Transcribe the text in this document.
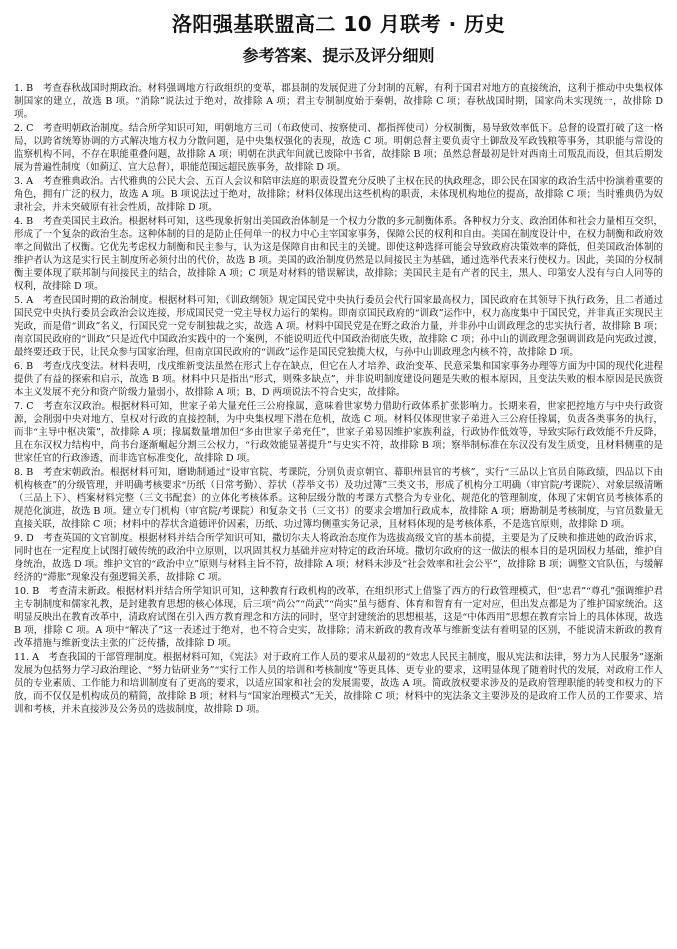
洛阳强基联盟高二 10 月联考 · 历史
参考答案、提示及评分细则
1. B　考查春秋战国时期政治。材料强调地方行政组织的变革，郡县制的发展促进了分封制的瓦解，有利于国君对地方的直接统治，这利于推动中央集权体制国家的建立，故选 B 项。“消除”说法过于绝对，故排除 A 项；君主专制制度始于秦朝，故排除 C 项；春秋战国时期，国家尚未实现统一，故排除 D 项。
2. C　考查明朝政治制度。结合所学知识可知，明朝地方三司（布政使司、按察使司、都指挥使司）分权制衡，易导致效率低下。总督的设置打破了这一格局，以跨省统筹协调的方式解决地方权力分散问题，是中央集权强化的表现，故选 C 项。明朝总督主要负责守土御敌及军政钱粮等事务，其职能与常设的监察机构不同，不存在职能重叠问题，故排除 A 项；明朝在洪武年间就已废除中书省，故排除 B 项；虽然总督最初是针对西南土司叛乱而设，但其后期发展为普遍性制度（如蓟辽、宣大总督），职能范围远超民族事务，故排除 D 项。
3. A　考查雅典政治。古代雅典的公民大会、五百人会议和陪审法庭的职责设置充分反映了主权在民的执政理念，即公民在国家的政治生活中扮演着重要的角色，拥有广泛的权力，故选 A 项。B 项说法过于绝对，故排除；材料仅体现出这些机构的职责，未体现机构地位的提高，故排除 C 项；当时雅典仍为奴隶社会，并未突破原有社会性质，故排除 D 项。
4. B　考查美国民主政治。根据材料可知，这些现象折射出美国政治体制是一个权力分散的多元制衡体系。各种权力分支、政治团体和社会力量相互交织，形成了一个复杂的政治生态。这种体制的目的是防止任何单一的权力中心主宰国家事务，保障公民的权利和自由。美国在制度设计中，在权力制衡和政府效率之间做出了权衡。它优先考虑权力制衡和民主参与，认为这是保障自由和民主的关键。即使这种选择可能会导致政府决策效率的降低，但美国政治体制的维护者认为这是实行民主制度所必须付出的代价，故选 B 项。美国的政治制度仍然是以间接民主为基础，通过选举代表来行使权力。因此，美国的分权制衡主要体现了联邦制与间接民主的结合，故排除 A 项；C 项是对材料的错误解读，故排除；美国民主是有产者的民主，黑人、印第安人没有与白人同等的权利，故排除 D 项。
5. A　考查民国时期的政治制度。根据材料可知，《训政纲领》规定国民党中央执行委员会代行国家最高权力，国民政府在其领导下执行政务，且二者通过国民党中央执行委员会政治会议连接，形成国民党一党主导权力运行的架构。即南京国民政府的“训政”运作中，权力高度集中于国民党，并非真正实现民主宪政，而是借“训政”名义，行国民党一党专制独裁之实，故选 A 项。材料中国民党是在野之政治力量，并非孙中山训政理念的忠实执行者，故排除 B 项；南京国民政府的“训政”只是近代中国政治实践中的一个案例，不能说明近代中国政治彻底失败，故排除 C 项；孙中山的训政理念强调训政是向宪政过渡，最终要还政于民，让民众参与国家治理，但南京国民政府的“训政”运作是国民党独揽大权，与孙中山训政理念内核不符，故排除 D 项。
6. B　考查戊戌变法。材料表明，戊戌维新变法虽然在形式上存在缺点，但它在人才培养、政治变革、民意采集和国家事务办理等方面为中国的现代化进程提供了有益的探索和启示，故选 B 项。材料中只是指出“形式，则殊多缺点”，并非说明制度建设问题是失败的根本原因，且变法失败的根本原因是民族资本主义发展不充分和资产阶级力量弱小，故排除 A 项；B、D 两项说法不符合史实，故排除。
7. C　考查东汉政治。根据材料可知，世家子弟大量充任三公府掾属，意味着世家势力借助行政体系扩张影响力。长期来看，世家把控地方与中央行政资源，会削弱中央对地方、皇权对行政的直接控制，为中央集权埋下潜在危机，故选 C 项。材料仅体现世家子弟进入三公府任掾属，负责各类事务的执行，而非“主导中枢决策”，故排除 A 项；掾属数量增加但“多由世家子弟充任”，世家子弟易因维护家族利益，行政协作低效等，导致实际行政效能不升反降，且在东汉权力结构中，尚书台逐渐崛起分割三公权力，“行政效能显著提升”与史实不符，故排除 B 项；察举制标准在东汉没有发生质变，且材料侧重的是世家任官的行政渗透，而非选官标准变化，故排除 D 项。
8. B　考查宋朝政治。根据材料可知，磨勘制通过“设审官院、考课院，分别负责京朝官、幕职州县官的考核”，实行“三品以上官员自陈政绩，四品以下由机构核查”的分级管理，并明确考核要求“历纸（日常考勤）、荐状（荐举文书）及功过簿”三类文书，形成了机构分工明确（审官院/考课院）、对象层级清晰（三品上下）、档案材料完整（三文书配套）的立体化考核体系。这种层级分散的考课方式整合为专业化、规范化的管理制度，体现了宋朝官员考核体系的规范化演进，故选 B 项。建立专门机构（审官院/考课院）和复杂文书（三文书）的要求会增加行政成本，故排除 A 项；磨勘制是考核制度，与官员数量无直接关联，故排除 C 项；材料中的荐状含道德评价因素，历纸、功过簿均侧重实务记录，且材料体现的是考核体系，不是选官原则，故排除 D 项。
9. D　考查英国的文官制度。根据材料并结合所学知识可知，撒切尔夫人将政治态度作为选拔高级文官的基本前提，主要是为了反映和推进她的政治诉求，同时也在一定程度上试图打破传统的政治中立原则，以巩固其权力基础并应对特定的政治环境。撒切尔政府的这一做法的根本目的是巩固权力基础，维护自身统治，故选 D 项。维护文官的“政治中立”原则与材料主旨不符，故排除 A 项；材料未涉及“社会效率和社会公平”，故排除 B 项；调整文官队伍，与缓解经济的“滞胀”现象没有强逻辑关系，故排除 C 项。
10. B　考查清末新政。根据材料并结合所学知识可知，这种教育行政机构的改革，在组织形式上借鉴了西方的行政管理模式，但“忠君”“尊孔”强调维护君主专制制度和儒家礼教，是封建教育思想的核心体现，后三项“尚公”“尚武”“尚实”虽与德育、体育和智育有一定对应，但出发点都是为了维护国家统治。这明显反映出在教育改革中，清政府试图在引入西方教育理念和方法的同时，坚守封建统治的思想根基，这是“中体西用”思想在教育宗旨上的具体体现，故选 B 项，排除 C 项。A 项中“解决了”这一表述过于绝对，也不符合史实，故排除；清末新政的教育改革与维新变法有着明显的区别，不能说清末新政的教育改革措施与维新变法主张的广泛传播，故排除 D 项。
11. A　考查我国的干部管理制度。根据材料可知，《宪法》对于政府工作人员的要求从最初的“效忠人民民主制度，服从宪法和法律，努力为人民服务”逐渐发展为包括努力学习政治理论、“努力钻研业务”“实行工作人员的培训和考核制度”等更具体、更专业的要求，这明显体现了随着时代的发展，对政府工作人员的专业素质、工作能力和培训制度有了更高的要求，以适应国家和社会的发展需要，故选 A 项。简政放权要求涉及的是政府管理职能的转变和权力的下放，而不仅仅是机构成员的精简，故排除 B 项；材料与“国家治理模式”无关，故排除 C 项；材料中的宪法条文主要涉及的是政府工作人员的工作要求、培训和考核，并未直接涉及公务员的选拔制度，故排除 D 项。
